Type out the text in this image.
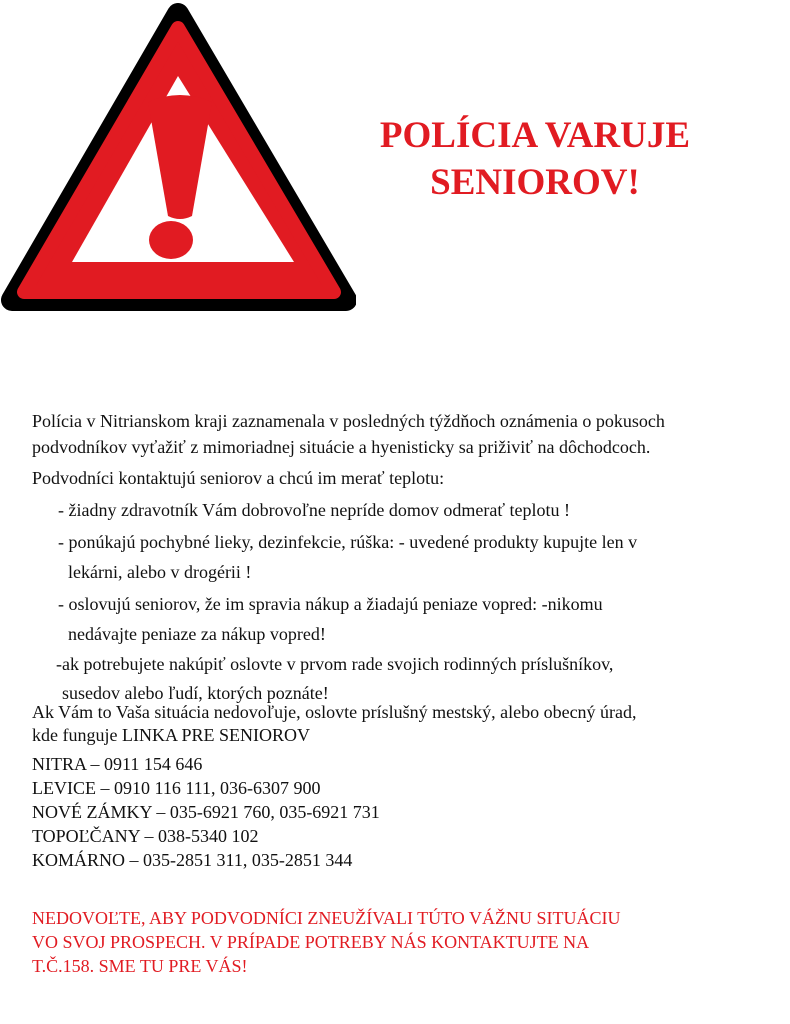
POLÍCIA VARUJE
SENIOROV!
Polícia v Nitrianskom kraji zaznamenala v posledných týždňoch oznámenia o pokusoch
podvodníkov vyťažiť z mimoriadnej situácie a hyenisticky sa priživiť na dôchodcoch.
Podvodníci kontaktujú seniorov a chcú im merať teplotu:
- žiadny zdravotník Vám dobrovoľne nepríde domov odmerať teplotu !
- ponúkajú pochybné lieky, dezinfekcie, rúška: - uvedené produkty kupujte len v
lekárni, alebo v drogérii !
- oslovujú seniorov, že im spravia nákup a žiadajú peniaze vopred: -nikomu
nedávajte peniaze za nákup vopred!
-ak potrebujete nakúpiť oslovte v prvom rade svojich rodinných príslušníkov,
susedov alebo ľudí, ktorých poznáte!
Ak Vám to Vaša situácia nedovoľuje, oslovte príslušný mestský, alebo obecný úrad,
kde funguje LINKA PRE SENIOROV
NITRA – 0911 154 646
LEVICE – 0910 116 111, 036-6307 900
NOVÉ ZÁMKY – 035-6921 760, 035-6921 731
TOPOĽČANY – 038-5340 102
KOMÁRNO – 035-2851 311, 035-2851 344
NEDOVOĽTE, ABY PODVODNÍCI ZNEUŽÍVALI TÚTO VÁŽNU SITUÁCIU
VO SVOJ PROSPECH. V PRÍPADE POTREBY NÁS KONTAKTUJTE NA
T.Č.158. SME TU PRE VÁS!
